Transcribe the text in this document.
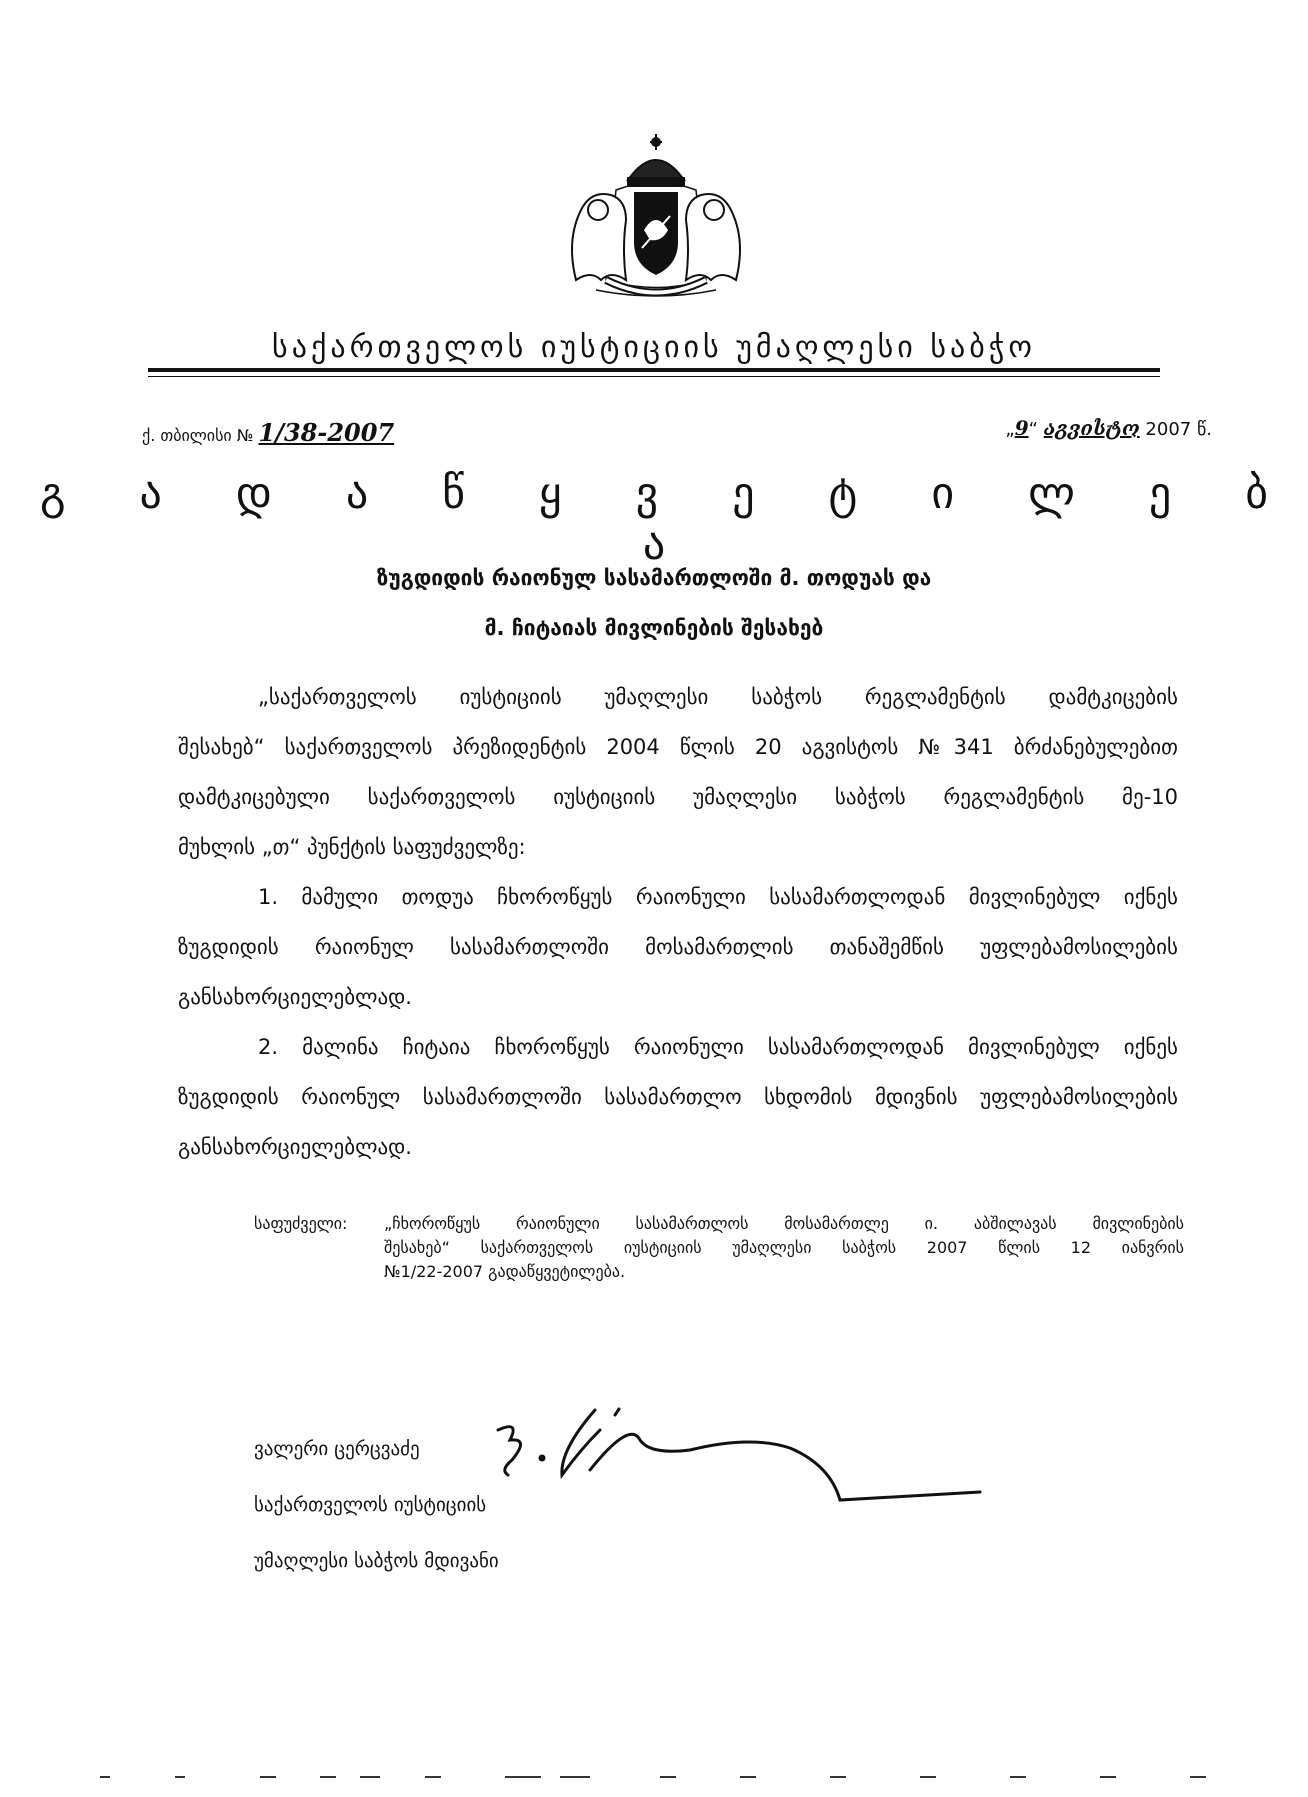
საქართველოს იუსტიციის უმაღლესი საბჭო
ქ. თბილისი № 1/38-2007	„9“ აგვისტო 2007 წ.
გ ა დ ა წ ყ ვ ე ტ ი ლ ე ბ ა
ზუგდიდის რაიონულ სასამართლოში მ. თოდუას და
მ. ჩიტაიას მივლინების შესახებ
„საქართველოს იუსტიციის უმაღლესი საბჭოს რეგლამენტის დამტკიცების
შესახებ“ საქართველოს პრეზიდენტის 2004 წლის 20 აგვისტოს №341 ბრძანებულებით
დამტკიცებული საქართველოს იუსტიციის უმაღლესი საბჭოს რეგლამენტის მე-10
მუხლის „თ“ პუნქტის საფუძველზე:
1. მამული თოდუა ჩხოროწყუს რაიონული სასამართლოდან მივლინებულ იქნეს
ზუგდიდის რაიონულ სასამართლოში მოსამართლის თანაშემწის უფლებამოსილების
განსახორციელებლად.
2. მალინა ჩიტაია ჩხოროწყუს რაიონული სასამართლოდან მივლინებულ იქნეს
ზუგდიდის რაიონულ სასამართლოში სასამართლო სხდომის მდივნის უფლებამოსილების
განსახორციელებლად.
საფუძველი: „ჩხოროწყუს რაიონული სასამართლოს მოსამართლე ი. აბშილავას მივლინების
შესახებ“ საქართველოს იუსტიციის უმაღლესი საბჭოს 2007 წლის 12 იანვრის
№1/22-2007 გადაწყვეტილება.
ვალერი ცერცვაძე
საქართველოს იუსტიციის
უმაღლესი საბჭოს მდივანი
